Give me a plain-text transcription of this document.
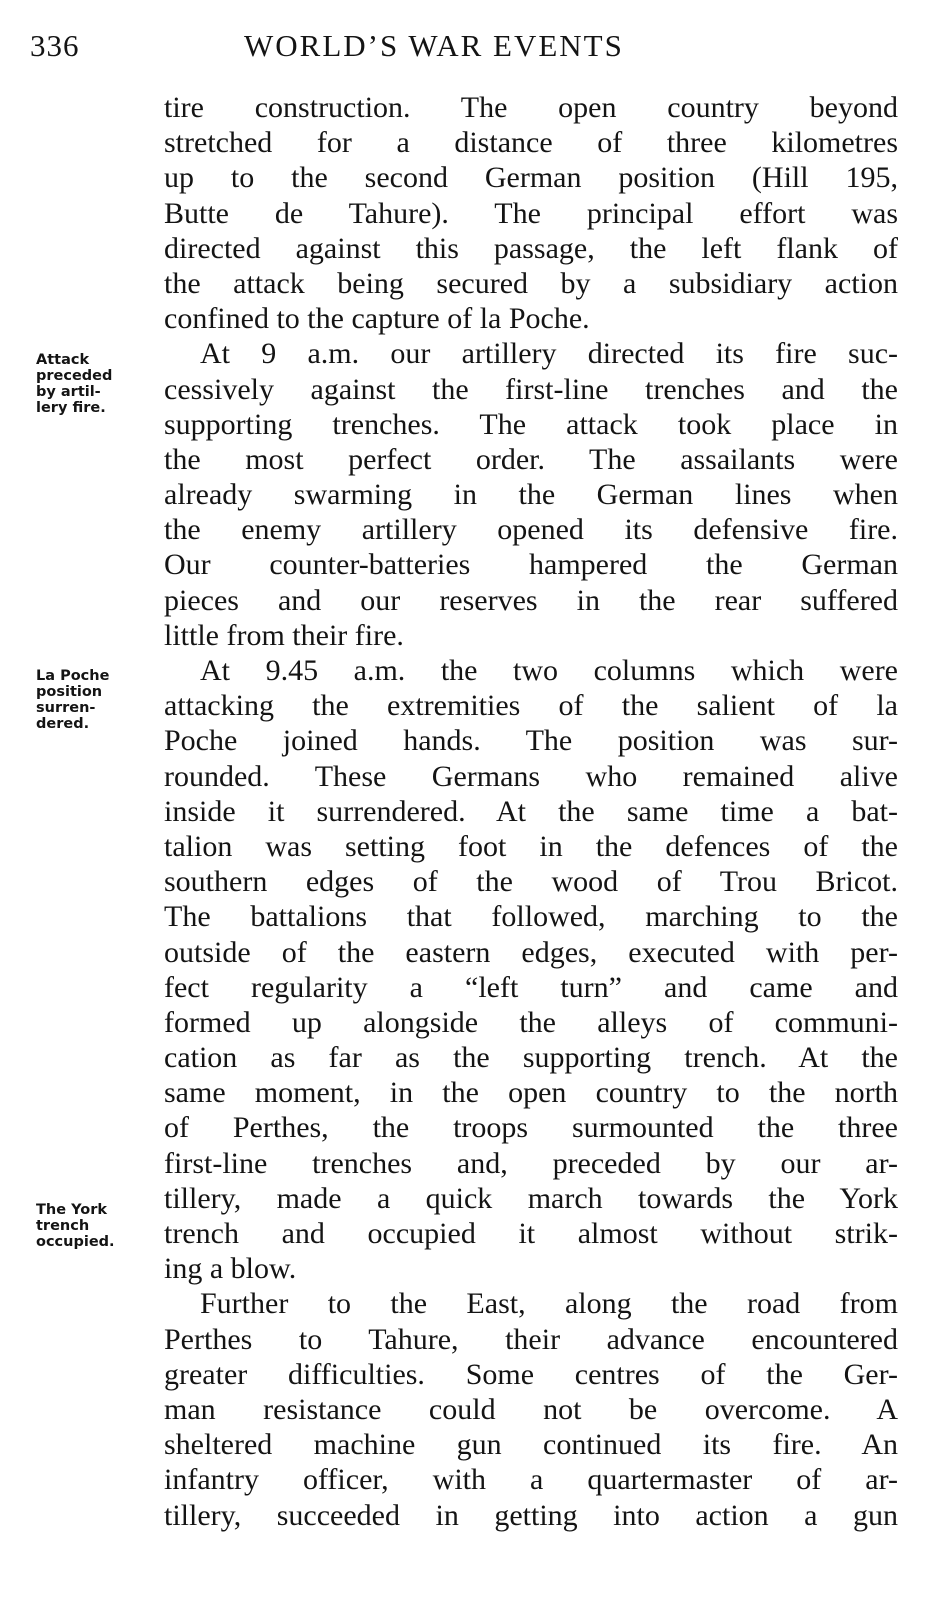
336	WORLD’S WAR EVENTS
Attack
preceded
by artil-
lery fire.
La Poche
position
surren-
dered.
The York
trench
occupied.
tire construction. The open country beyond
stretched for a distance of three kilometres
up to the second German position (Hill 195,
Butte de Tahure). The principal effort was
directed against this passage, the left flank of
the attack being secured by a subsidiary action
confined to the capture of la Poche.
At 9 a.m. our artillery directed its fire suc-
cessively against the first-line trenches and the
supporting trenches. The attack took place in
the most perfect order. The assailants were
already swarming in the German lines when
the enemy artillery opened its defensive fire.
Our counter-batteries hampered the German
pieces and our reserves in the rear suffered
little from their fire.
At 9.45 a.m. the two columns which were
attacking the extremities of the salient of la
Poche joined hands. The position was sur-
rounded. These Germans who remained alive
inside it surrendered. At the same time a bat-
talion was setting foot in the defences of the
southern edges of the wood of Trou Bricot.
The battalions that followed, marching to the
outside of the eastern edges, executed with per-
fect regularity a “left turn” and came and
formed up alongside the alleys of communi-
cation as far as the supporting trench. At the
same moment, in the open country to the north
of Perthes, the troops surmounted the three
first-line trenches and, preceded by our ar-
tillery, made a quick march towards the York
trench and occupied it almost without strik-
ing a blow.
Further to the East, along the road from
Perthes to Tahure, their advance encountered
greater difficulties. Some centres of the Ger-
man resistance could not be overcome. A
sheltered machine gun continued its fire. An
infantry officer, with a quartermaster of ar-
tillery, succeeded in getting into action a gun
